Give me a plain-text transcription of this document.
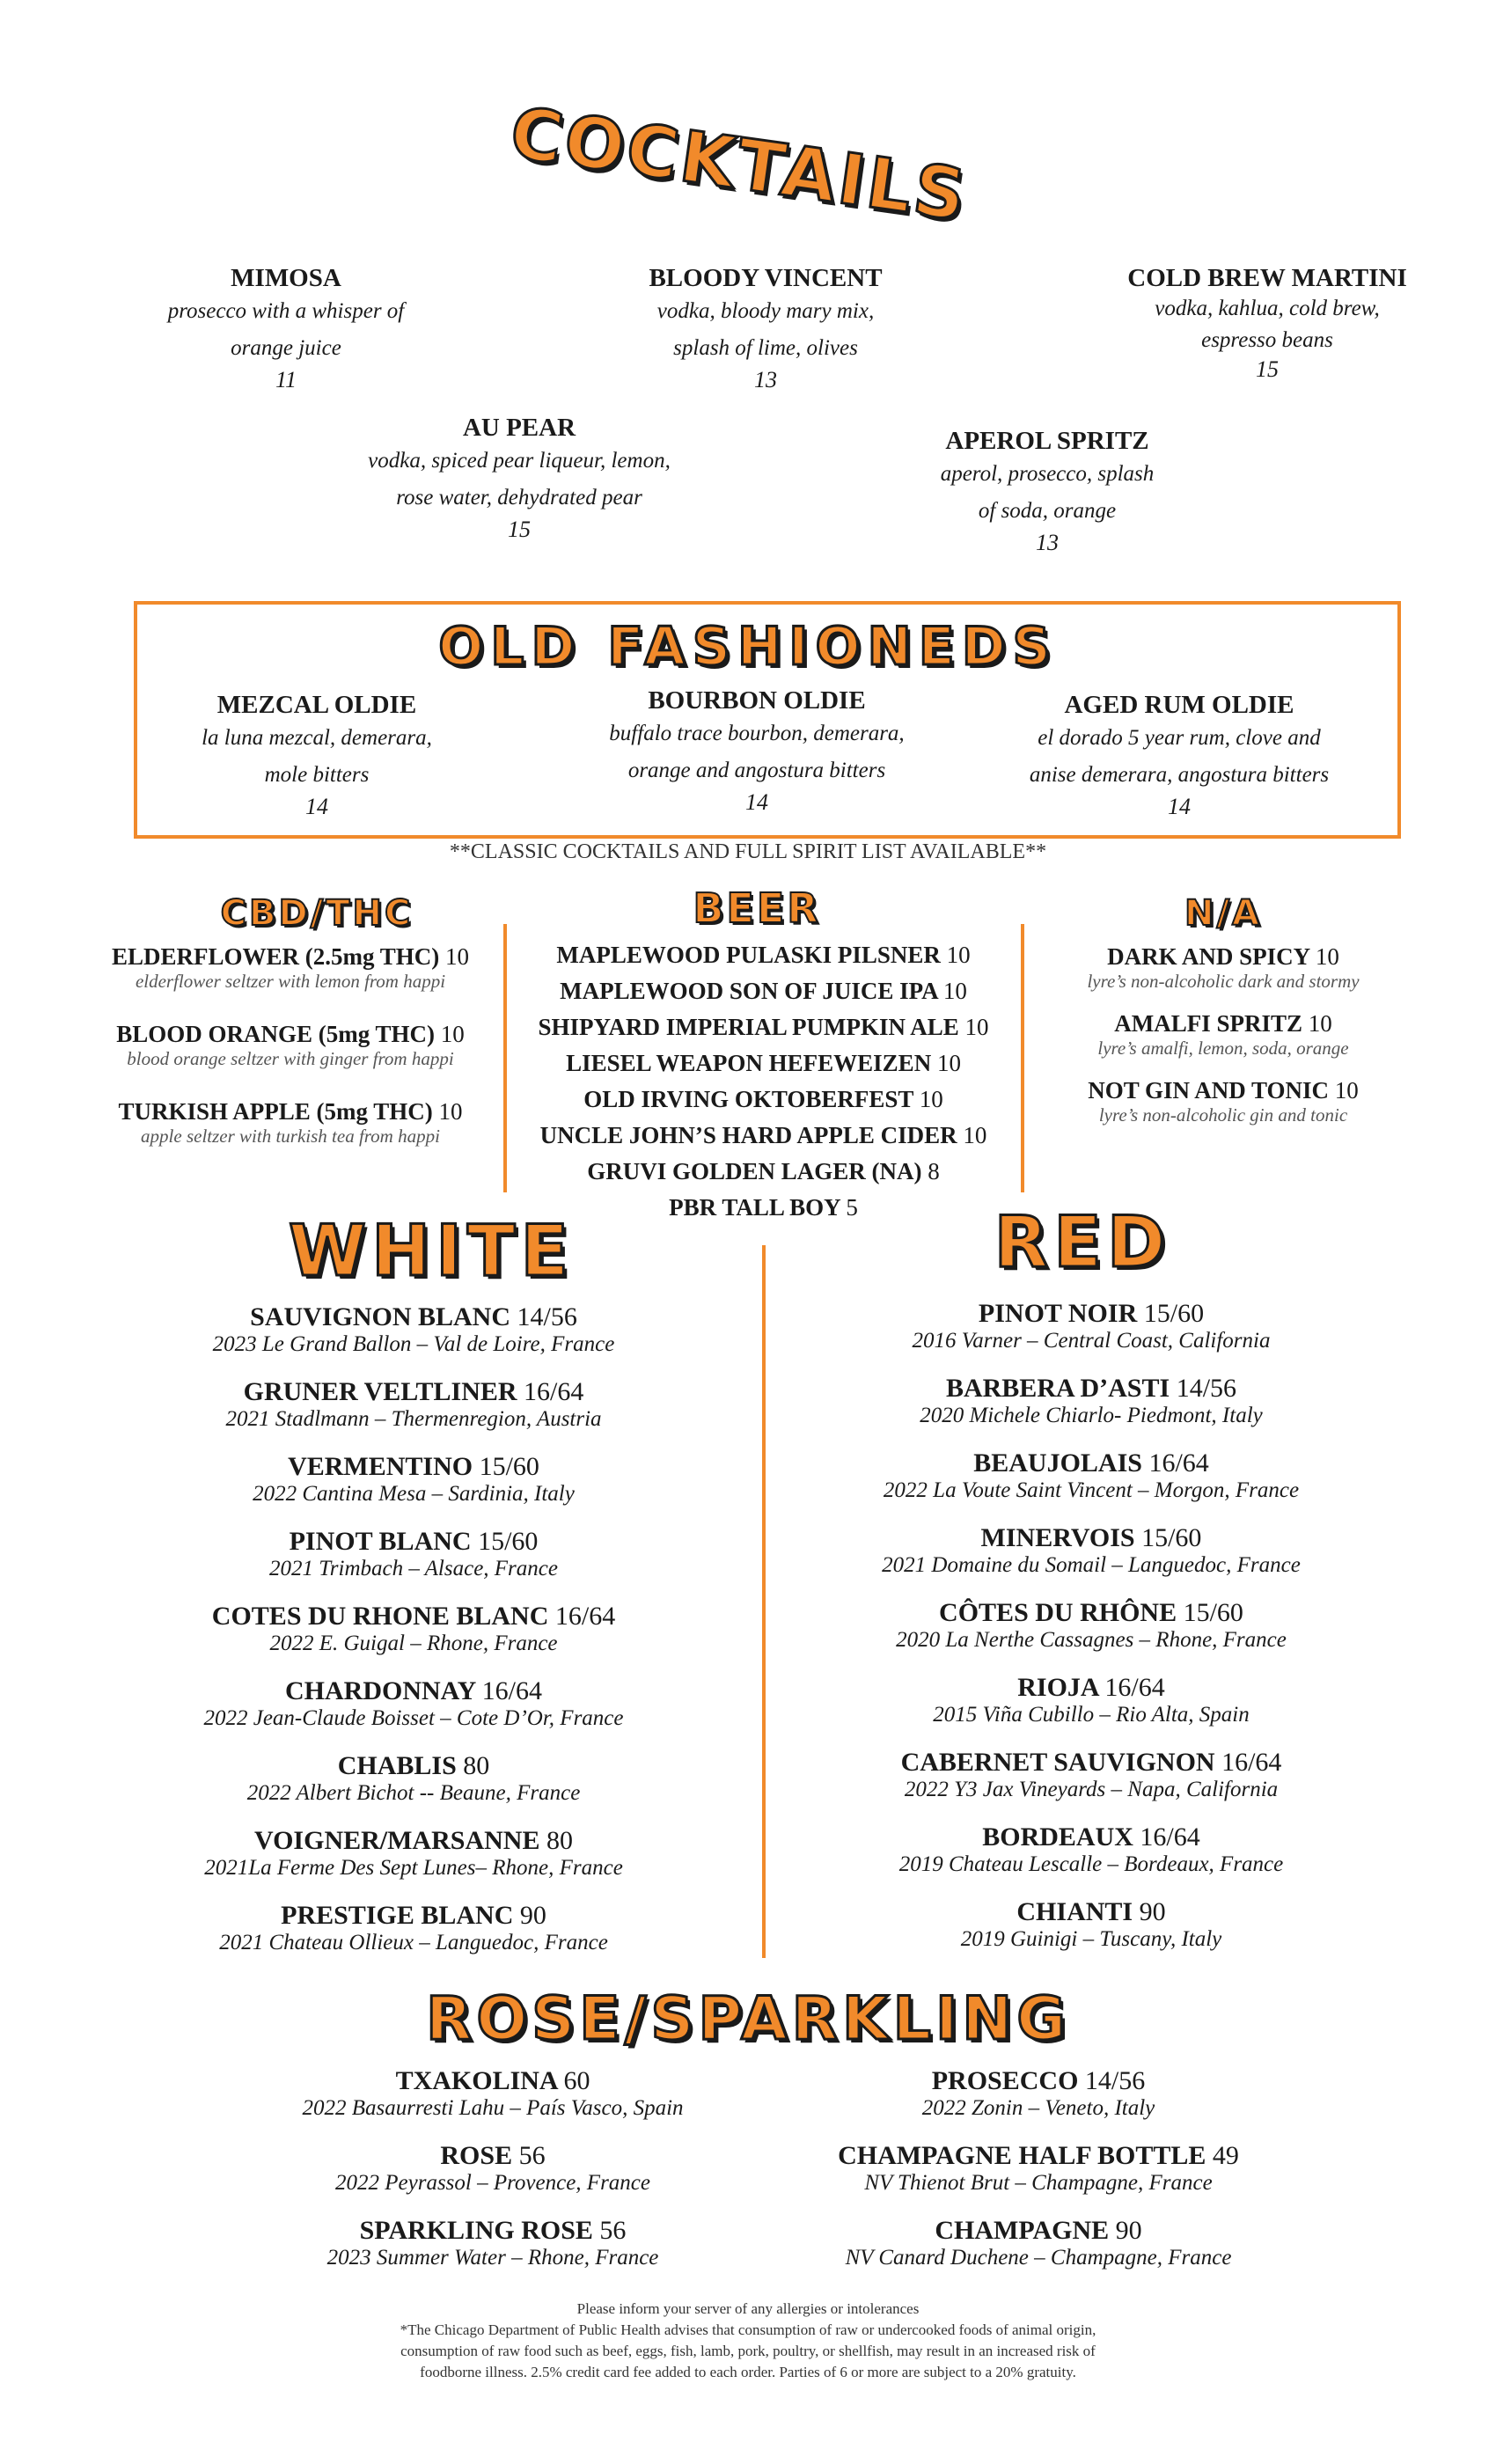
COCKTAILS
MIMOSA
prosecco with a whisper of
orange juice
11
BLOODY VINCENT
vodka, bloody mary mix,
splash of lime, olives
13
COLD BREW MARTINI
vodka, kahlua, cold brew,
espresso beans
15
AU PEAR
vodka, spiced pear liqueur, lemon,
rose water, dehydrated pear
15
APEROL SPRITZ
aperol, prosecco, splash
of soda, orange
13
OLD FASHIONEDS
MEZCAL OLDIE
la luna mezcal, demerara,
mole bitters
14
BOURBON OLDIE
buffalo trace bourbon, demerara,
orange and angostura bitters
14
AGED RUM OLDIE
el dorado 5 year rum, clove and
anise demerara, angostura bitters
14
**CLASSIC COCKTAILS AND FULL SPIRIT LIST AVAILABLE**
CBD/THC	BEER	N/A
ELDERFLOWER (2.5mg THC) 10
elderflower seltzer with lemon from happi
BLOOD ORANGE (5mg THC) 10
blood orange seltzer with ginger from happi
TURKISH APPLE (5mg THC) 10
apple seltzer with turkish tea from happi
MAPLEWOOD PULASKI PILSNER 10
MAPLEWOOD SON OF JUICE IPA 10
SHIPYARD IMPERIAL PUMPKIN ALE 10
LIESEL WEAPON HEFEWEIZEN 10
OLD IRVING OKTOBERFEST 10
UNCLE JOHN’S HARD APPLE CIDER 10
GRUVI GOLDEN LAGER (NA) 8
PBR TALL BOY 5
DARK AND SPICY 10
lyre’s non-alcoholic dark and stormy
AMALFI SPRITZ 10
lyre’s amalfi, lemon, soda, orange
NOT GIN AND TONIC 10
lyre’s non-alcoholic gin and tonic
WHITE	RED
SAUVIGNON BLANC 14/56
2023 Le Grand Ballon – Val de Loire, France
GRUNER VELTLINER 16/64
2021 Stadlmann – Thermenregion, Austria
VERMENTINO 15/60
2022 Cantina Mesa – Sardinia, Italy
PINOT BLANC 15/60
2021 Trimbach – Alsace, France
COTES DU RHONE BLANC 16/64
2022 E. Guigal – Rhone, France
CHARDONNAY 16/64
2022 Jean-Claude Boisset – Cote D’Or, France
CHABLIS 80
2022 Albert Bichot -- Beaune, France
VOIGNER/MARSANNE 80
2021La Ferme Des Sept Lunes– Rhone, France
PRESTIGE BLANC 90
2021 Chateau Ollieux – Languedoc, France
PINOT NOIR 15/60
2016 Varner – Central Coast, California
BARBERA D’ASTI 14/56
2020 Michele Chiarlo- Piedmont, Italy
BEAUJOLAIS 16/64
2022 La Voute Saint Vincent – Morgon, France
MINERVOIS 15/60
2021 Domaine du Somail – Languedoc, France
CÔTES DU RHÔNE 15/60
2020 La Nerthe Cassagnes – Rhone, France
RIOJA 16/64
2015 Viña Cubillo – Rio Alta, Spain
CABERNET SAUVIGNON 16/64
2022 Y3 Jax Vineyards – Napa, California
BORDEAUX 16/64
2019 Chateau Lescalle – Bordeaux, France
CHIANTI 90
2019 Guinigi – Tuscany, Italy
ROSE/SPARKLING
TXAKOLINA 60
2022 Basaurresti Lahu – País Vasco, Spain
ROSE 56
2022 Peyrassol – Provence, France
SPARKLING ROSE 56
2023 Summer Water – Rhone, France
PROSECCO 14/56
2022 Zonin – Veneto, Italy
CHAMPAGNE HALF BOTTLE 49
NV Thienot Brut – Champagne, France
CHAMPAGNE 90
NV Canard Duchene – Champagne, France
Please inform your server of any allergies or intolerances
*The Chicago Department of Public Health advises that consumption of raw or undercooked foods of animal origin,
consumption of raw food such as beef, eggs, fish, lamb, pork, poultry, or shellfish, may result in an increased risk of
foodborne illness. 2.5% credit card fee added to each order. Parties of 6 or more are subject to a 20% gratuity.
